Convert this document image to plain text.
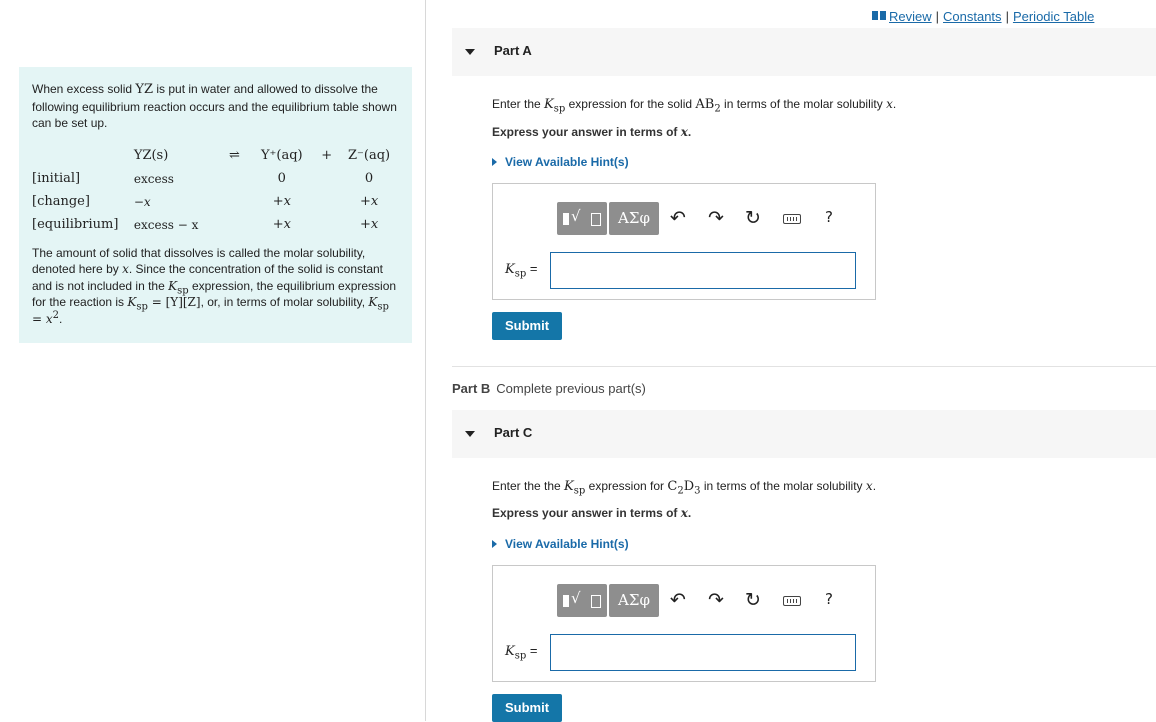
When excess solid YZ is put in water and allowed to dissolve the following equilibrium reaction occurs and the equilibrium table shown can be set up.

	YZ(s)	⇌	Y⁺(aq)	+	Z⁻(aq)
[initial]	excess		0		0
[change]	−x		+x		+x
[equilibrium]	excess − x		+x		+x

The amount of solid that dissolves is called the molar solubility, denoted here by x. Since the concentration of the solid is constant and is not included in the $K_{sp}$ expression, the equilibrium expression for the reaction is $K_{sp} = [Y][Z]$, or, in terms of molar solubility, $K_{sp} = x^2$.

Review | Constants | Periodic Table
Part A
Enter the $K_{sp}$ expression for the solid $AB_2$ in terms of the molar solubility x.
Express your answer in terms of x.
View Available Hint(s)
√	ΑΣφ	↶ ↷ ↻	?
$K_{sp}$ =
Submit
Part B Complete previous part(s)
Part C
Enter the the $K_{sp}$ expression for $C_2D_3$ in terms of the molar solubility x.
Express your answer in terms of x.
View Available Hint(s)
√	ΑΣφ	↶ ↷ ↻	?
$K_{sp}$ =
Submit
